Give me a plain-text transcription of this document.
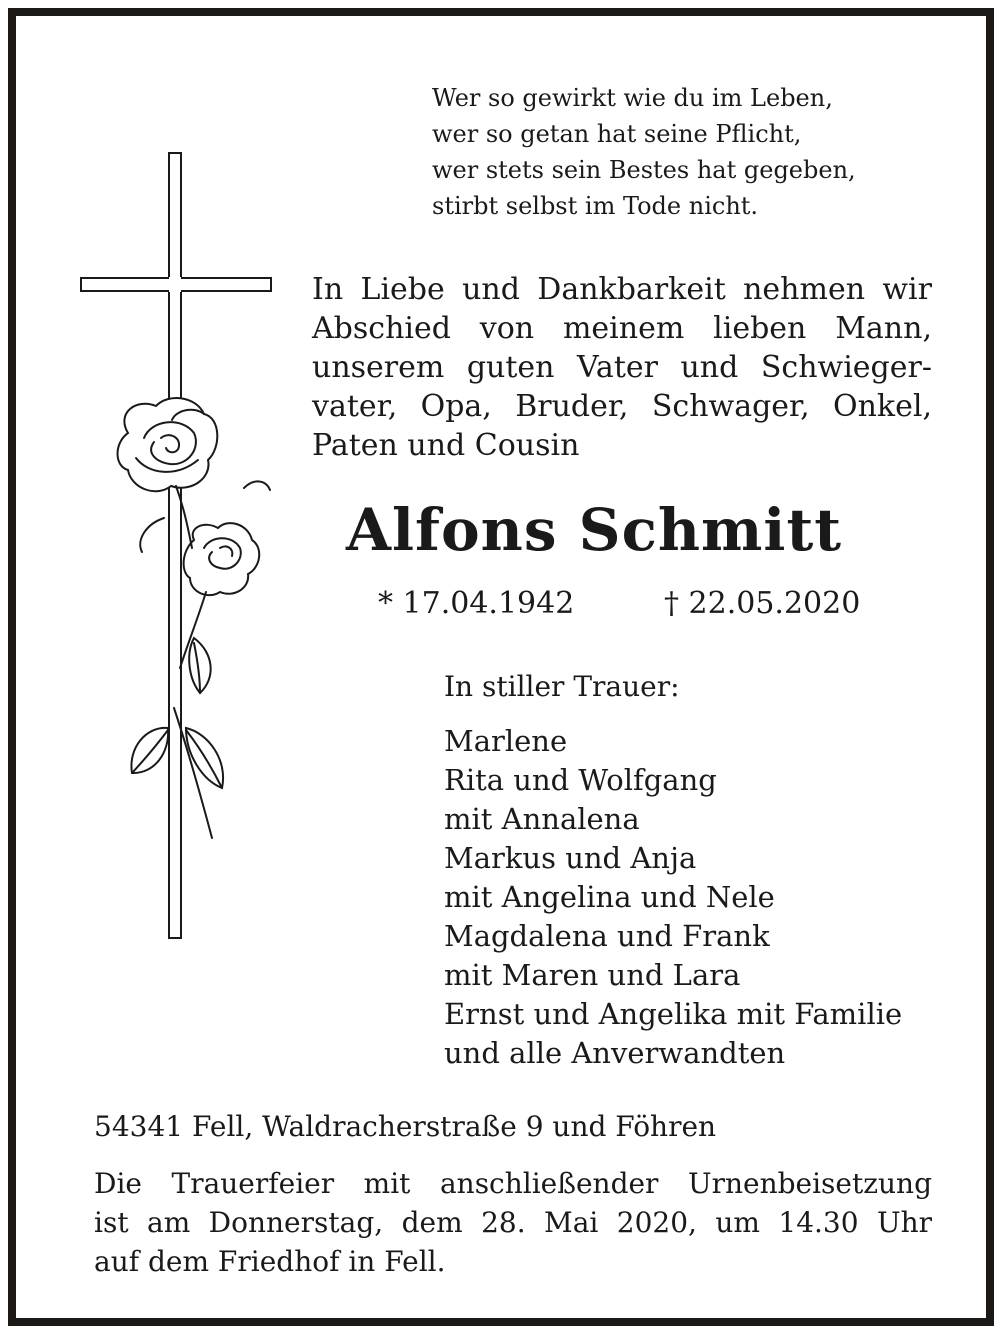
Wer so gewirkt wie du im Leben,
wer so getan hat seine Pflicht,
wer stets sein Bestes hat gegeben,
stirbt selbst im Tode nicht.
In Liebe und Dankbarkeit nehmen wir
Abschied von meinem lieben Mann,
unserem guten Vater und Schwieger-
vater, Opa, Bruder, Schwager, Onkel,
Paten und Cousin
Alfons Schmitt
* 17.04.1942	† 22.05.2020
In stiller Trauer:
Marlene
Rita und Wolfgang
mit Annalena
Markus und Anja
mit Angelina und Nele
Magdalena und Frank
mit Maren und Lara
Ernst und Angelika mit Familie
und alle Anverwandten
54341 Fell, Waldracherstraße 9 und Föhren
Die Trauerfeier mit anschließender Urnenbeisetzung
ist am Donnerstag, dem 28. Mai 2020, um 14.30 Uhr
auf dem Friedhof in Fell.
